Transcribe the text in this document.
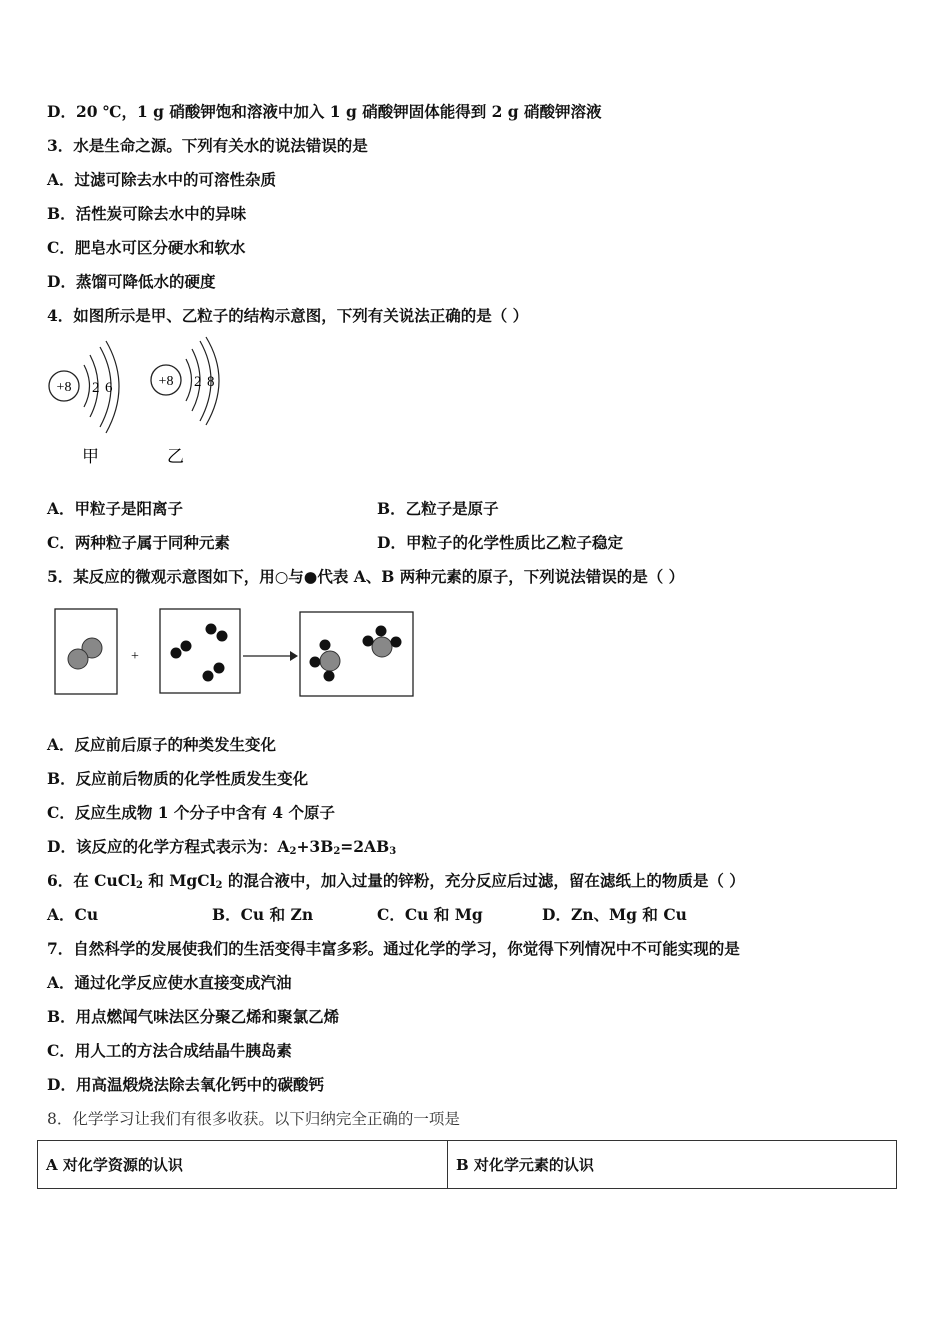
D．20 ℃，1 g 硝酸钾饱和溶液中加入 1 g 硝酸钾固体能得到 2 g 硝酸钾溶液
3．水是生命之源。下列有关水的说法错误的是
A．过滤可除去水中的可溶性杂质
B．活性炭可除去水中的异味
C．肥皂水可区分硬水和软水
D．蒸馏可降低水的硬度
4．如图所示是甲、乙粒子的结构示意图，下列有关说法正确的是（ ）
+8 2 6	+8 2 8
甲	乙
A．甲粒子是阳离子	B．乙粒子是原子
C．两种粒子属于同种元素	D．甲粒子的化学性质比乙粒子稳定
5．某反应的微观示意图如下，用○与●代表 A、B 两种元素的原子，下列说法错误的是（ ）
+
A．反应前后原子的种类发生变化
B．反应前后物质的化学性质发生变化
C．反应生成物 1 个分子中含有 4 个原子
D．该反应的化学方程式表示为：$A_2+3B_2=2AB_3$
6．在 CuCl$_2$ 和 MgCl$_2$ 的混合液中，加入过量的锌粉，充分反应后过滤，留在滤纸上的物质是（ ）
A．Cu	B．Cu 和 Zn	C．Cu 和 Mg	D．Zn、Mg 和 Cu
7．自然科学的发展使我们的生活变得丰富多彩。通过化学的学习，你觉得下列情况中不可能实现的是
A．通过化学反应使水直接变成汽油
B．用点燃闻气味法区分聚乙烯和聚氯乙烯
C．用人工的方法合成结晶牛胰岛素
D．用高温煅烧法除去氧化钙中的碳酸钙
8．化学学习让我们有很多收获。以下归纳完全正确的一项是
A 对化学资源的认识	B 对化学元素的认识
